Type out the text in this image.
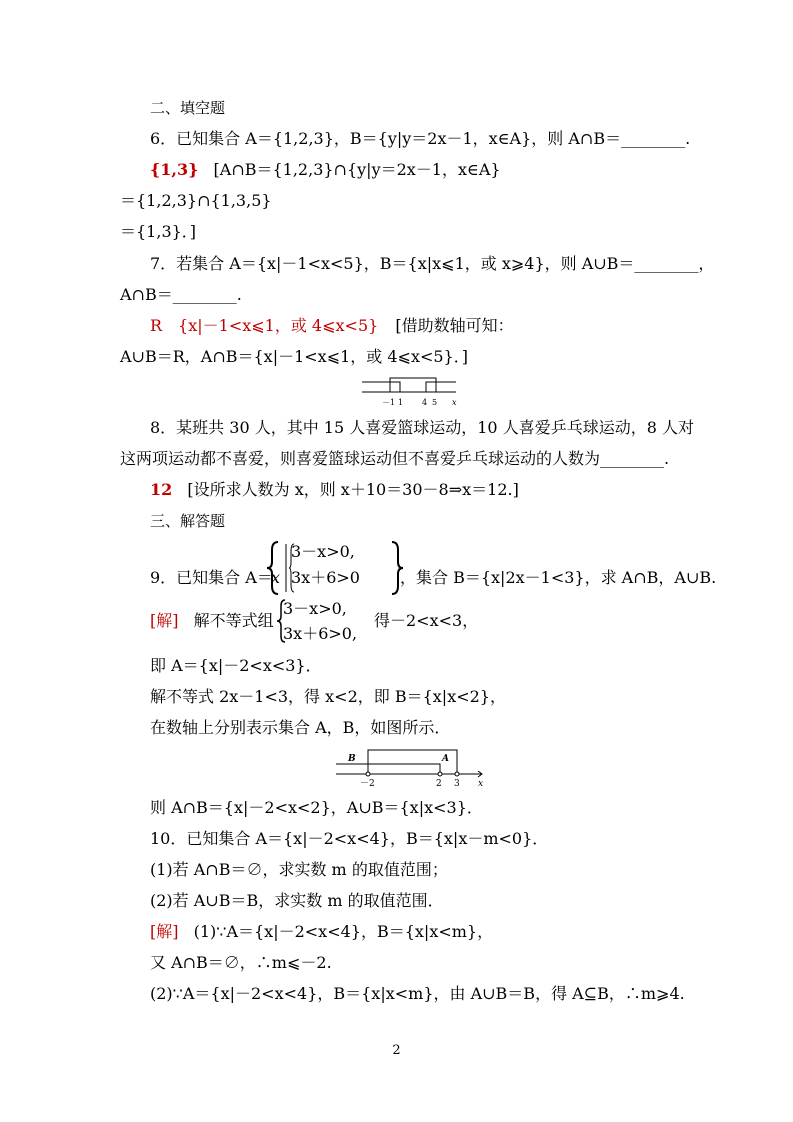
二、填空题
6．已知集合 A＝{1,2,3}，B＝{y|y＝2x－1，x∈A}，则 A∩B＝________.
{1,3} [A∩B＝{1,2,3}∩{y|y＝2x－1，x∈A}
＝{1,2,3}∩{1,3,5}
＝{1,3}．]
7．若集合 A＝{x|－1<x<5}，B＝{x|x⩽1，或 x⩾4}，则 A∪B＝________，
A∩B＝________.
R　{x|－1<x⩽1，或 4⩽x<5} [借助数轴可知：
A∪B＝R，A∩B＝{x|－1<x⩽1，或 4⩽x<5}．]
－1 1 4 5 x
8．某班共 30 人，其中 15 人喜爱篮球运动，10 人喜爱乒乓球运动，8 人对
这两项运动都不喜爱，则喜爱篮球运动但不喜爱乒乓球运动的人数为________.
12 [设所求人数为 x，则 x＋10＝30－8⇒x＝12.]
三、解答题
9．已知集合 A＝
x
3－x>0,
3x＋6>0	，集合 B＝{x|2x－1<3}，求 A∩B，A∪B.
[解] 解不等式组
3－x>0,
3x＋6>0,
得－2<x<3，
即 A＝{x|－2<x<3}．
解不等式 2x－1<3，得 x<2，即 B＝{x|x<2}，
在数轴上分别表示集合 A，B，如图所示．
B	A
－2	2 3 x
则 A∩B＝{x|－2<x<2}，A∪B＝{x|x<3}．
10．已知集合 A＝{x|－2<x<4}，B＝{x|x－m<0}．
(1)若 A∩B＝∅，求实数 m 的取值范围；
(2)若 A∪B＝B，求实数 m 的取值范围．
[解] (1)∵A＝{x|－2<x<4}，B＝{x|x<m}，
又 A∩B＝∅，∴m⩽－2.
(2)∵A＝{x|－2<x<4}，B＝{x|x<m}，由 A∪B＝B，得 A⊆B，∴m⩾4.
2
